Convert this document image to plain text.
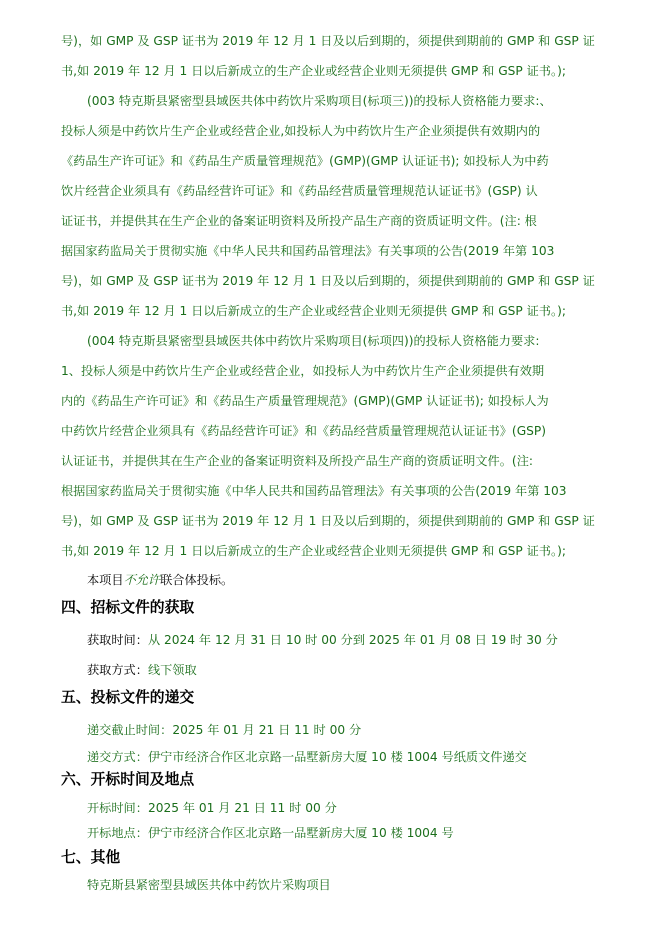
号)，如 GMP 及 GSP 证书为 2019 年 12 月 1 日及以后到期的，须提供到期前的 GMP 和 GSP 证
书,如 2019 年 12 月 1 日以后新成立的生产企业或经营企业则无须提供 GMP 和 GSP 证书。);
(003 特克斯县紧密型县域医共体中药饮片采购项目(标项三))的投标人资格能力要求:、
投标人须是中药饮片生产企业或经营企业,如投标人为中药饮片生产企业须提供有效期内的
《药品生产许可证》和《药品生产质量管理规范》(GMP)(GMP 认证证书); 如投标人为中药
饮片经营企业须具有《药品经营许可证》和《药品经营质量管理规范认证证书》(GSP) 认
证证书，并提供其在生产企业的备案证明资料及所投产品生产商的资质证明文件。(注: 根
据国家药监局关于贯彻实施《中华人民共和国药品管理法》有关事项的公告(2019 年第 103
号)，如 GMP 及 GSP 证书为 2019 年 12 月 1 日及以后到期的，须提供到期前的 GMP 和 GSP 证
书,如 2019 年 12 月 1 日以后新成立的生产企业或经营企业则无须提供 GMP 和 GSP 证书。);
(004 特克斯县紧密型县域医共体中药饮片采购项目(标项四))的投标人资格能力要求:
1、投标人须是中药饮片生产企业或经营企业，如投标人为中药饮片生产企业须提供有效期
内的《药品生产许可证》和《药品生产质量管理规范》(GMP)(GMP 认证证书); 如投标人为
中药饮片经营企业须具有《药品经营许可证》和《药品经营质量管理规范认证证书》(GSP)
认证证书，并提供其在生产企业的备案证明资料及所投产品生产商的资质证明文件。(注:
根据国家药监局关于贯彻实施《中华人民共和国药品管理法》有关事项的公告(2019 年第 103
号)，如 GMP 及 GSP 证书为 2019 年 12 月 1 日及以后到期的，须提供到期前的 GMP 和 GSP 证
书,如 2019 年 12 月 1 日以后新成立的生产企业或经营企业则无须提供 GMP 和 GSP 证书。);
本项目不允许联合体投标。
四、招标文件的获取
获取时间：从 2024 年 12 月 31 日 10 时 00 分到 2025 年 01 月 08 日 19 时 30 分
获取方式：线下领取
五、投标文件的递交
递交截止时间：2025 年 01 月 21 日 11 时 00 分
递交方式：伊宁市经济合作区北京路一品墅新房大厦 10 楼 1004 号纸质文件递交
六、开标时间及地点
开标时间：2025 年 01 月 21 日 11 时 00 分
开标地点：伊宁市经济合作区北京路一品墅新房大厦 10 楼 1004 号
七、其他
特克斯县紧密型县域医共体中药饮片采购项目
